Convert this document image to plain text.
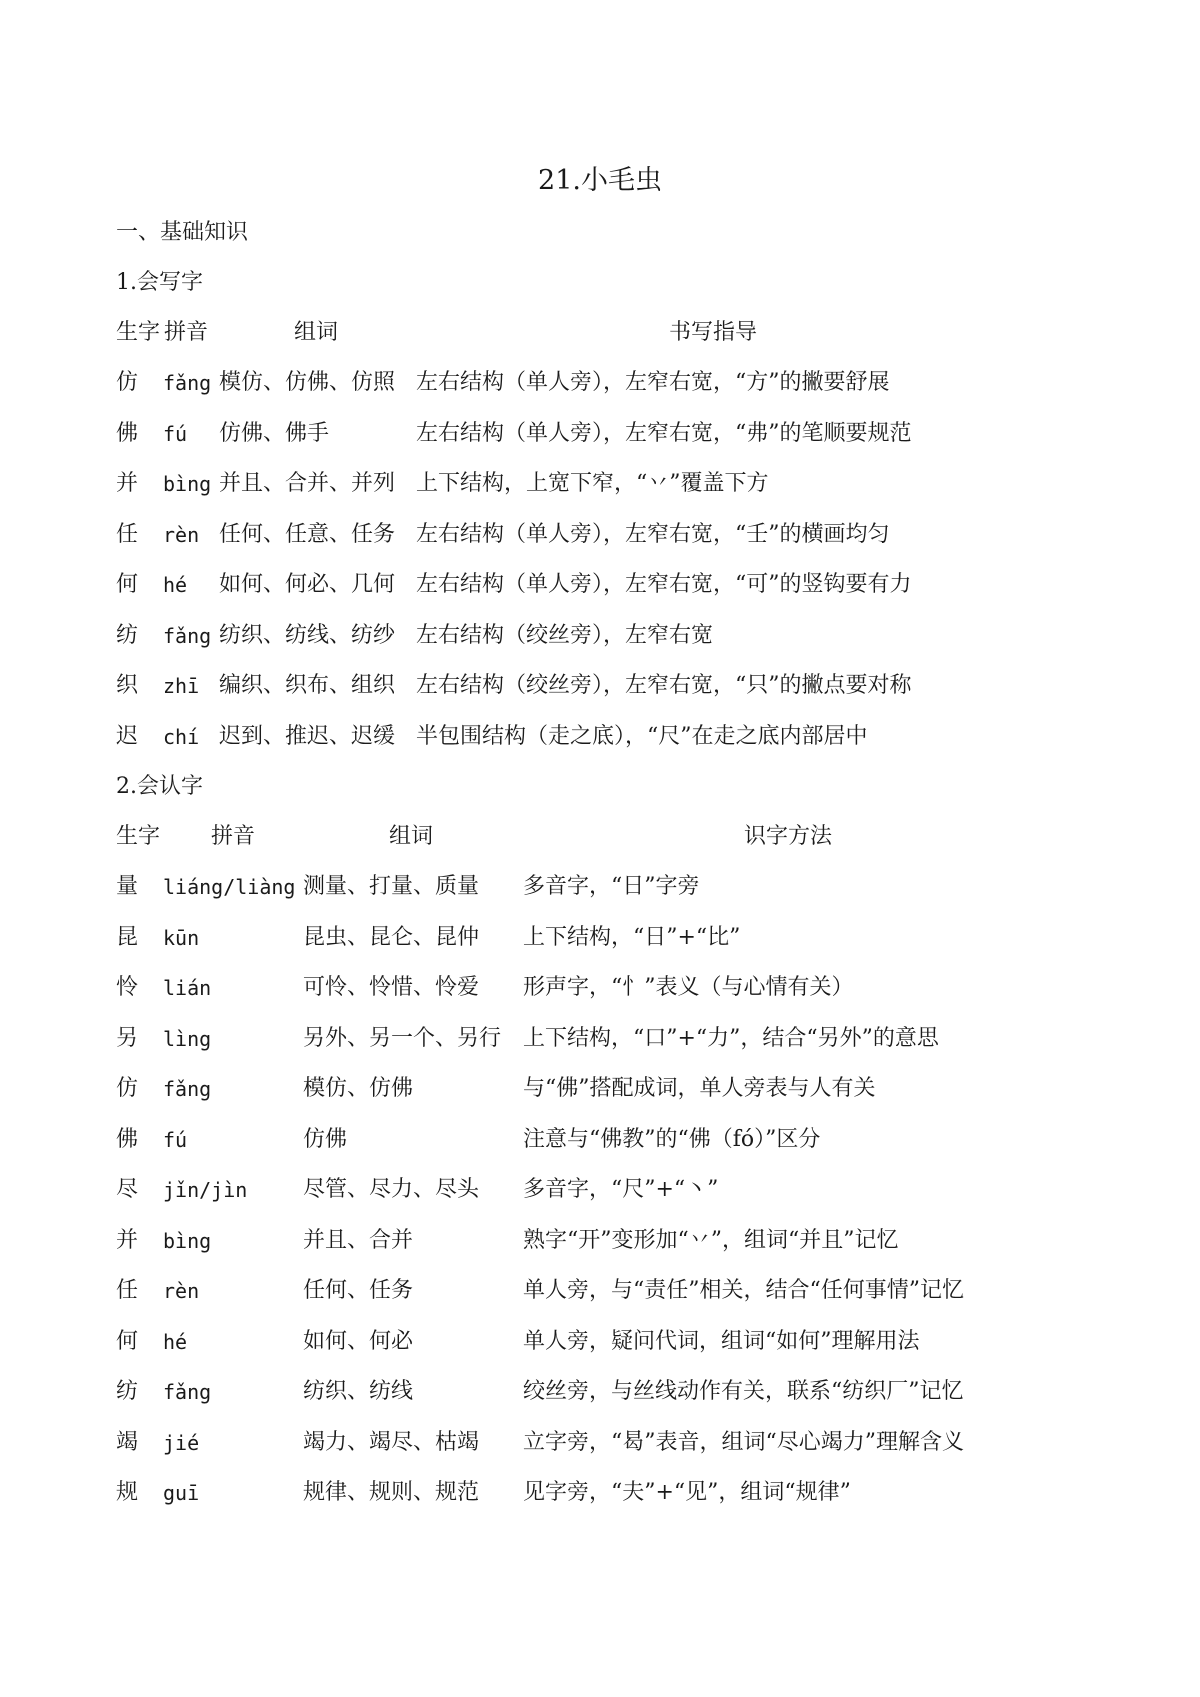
21.小毛虫
一、基础知识
1.会写字
生字 拼音	组词	书写指导
仿 fǎng 模仿、仿佛、仿照 左右结构（单人旁），左窄右宽，“方”的撇要舒展
佛 fú 仿佛、佛手	左右结构（单人旁），左窄右宽，“弗”的笔顺要规范
并 bìng 并且、合并、并列 上下结构，上宽下窄，“丷”覆盖下方
任 rèn 任何、任意、任务 左右结构（单人旁），左窄右宽，“壬”的横画均匀
何 hé 如何、何必、几何 左右结构（单人旁），左窄右宽，“可”的竖钩要有力
纺 fǎng 纺织、纺线、纺纱 左右结构（绞丝旁），左窄右宽
织 zhī 编织、织布、组织 左右结构（绞丝旁），左窄右宽，“只”的撇点要对称
迟 chí 迟到、推迟、迟缓 半包围结构（走之底），“尺”在走之底内部居中
2.会认字
生字 拼音	组词	识字方法
量 liáng/liàng 测量、打量、质量 多音字，“日”字旁
昆 kūn	昆虫、昆仑、昆仲 上下结构，“日”+“比”
怜 lián	可怜、怜惜、怜爱 形声字，“忄”表义（与心情有关）
另 lìng	另外、另一个、另行 上下结构，“口”+“力”，结合“另外”的意思
仿 fǎng	模仿、仿佛	与“佛”搭配成词，单人旁表与人有关
佛 fú	仿佛	注意与“佛教”的“佛（fó）”区分
尽 jǐn/jìn	尽管、尽力、尽头 多音字，“尺”+“丶”
并 bìng	并且、合并	熟字“开”变形加“丷”，组词“并且”记忆
任 rèn	任何、任务	单人旁，与“责任”相关，结合“任何事情”记忆
何 hé	如何、何必	单人旁，疑问代词，组词“如何”理解用法
纺 fǎng	纺织、纺线	绞丝旁，与丝线动作有关，联系“纺织厂”记忆
竭 jié	竭力、竭尽、枯竭 立字旁，“曷”表音，组词“尽心竭力”理解含义
规 guī	规律、规则、规范 见字旁，“夫”+“见”，组词“规律”
